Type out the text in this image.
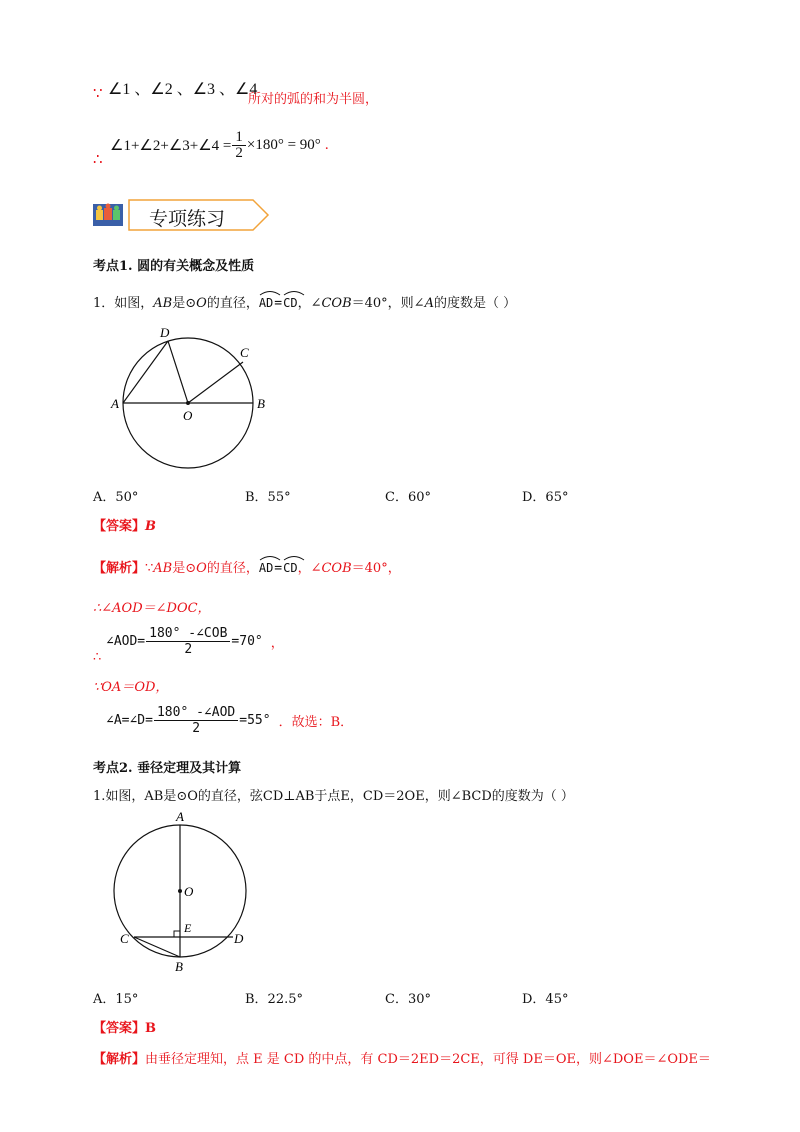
∵ ∠1 、∠2 、∠3 、∠4
所对的弧的和为半圆，
∴
∠1+∠2+∠3+∠4 = $\frac{1}{2} \times 180^\circ = 90^\circ$ .
专项练习
考点1. 圆的有关概念及性质
1．如图， AB 是⊙ O 的直径， AD = CD ，∠ COB ＝40°，则∠ A 的度数是（ ）
A	B
C
D
O
A．50°	B．55°	C．60°	D．65°
【答案】B
【解析】 ∵ AB 是⊙ O 的直径， AD = CD ，∠ COB ＝40°，
∴∠AOD＝∠DOC，
∴
∠AOD= $\frac{\text{180° -∠COB}}{2} =70^\circ$ ，
∵OA＝OD，
∠A=∠D= $\frac{\text{180° -∠AOD}}{2} =55^\circ$ ．故选：B．
考点2. 垂径定理及其计算
1.如图，AB是⊙O的直径，弦CD⊥AB于点E，CD＝2OE，则∠BCD的度数为（ ）
A
B
C	D
E
O
A．15°	B．22.5°	C．30°	D．45°
【答案】B
【解析】由垂径定理知，点 E 是 CD 的中点，有 CD＝2ED＝2CE，可得 DE＝OE，则∠DOE＝∠ODE＝
